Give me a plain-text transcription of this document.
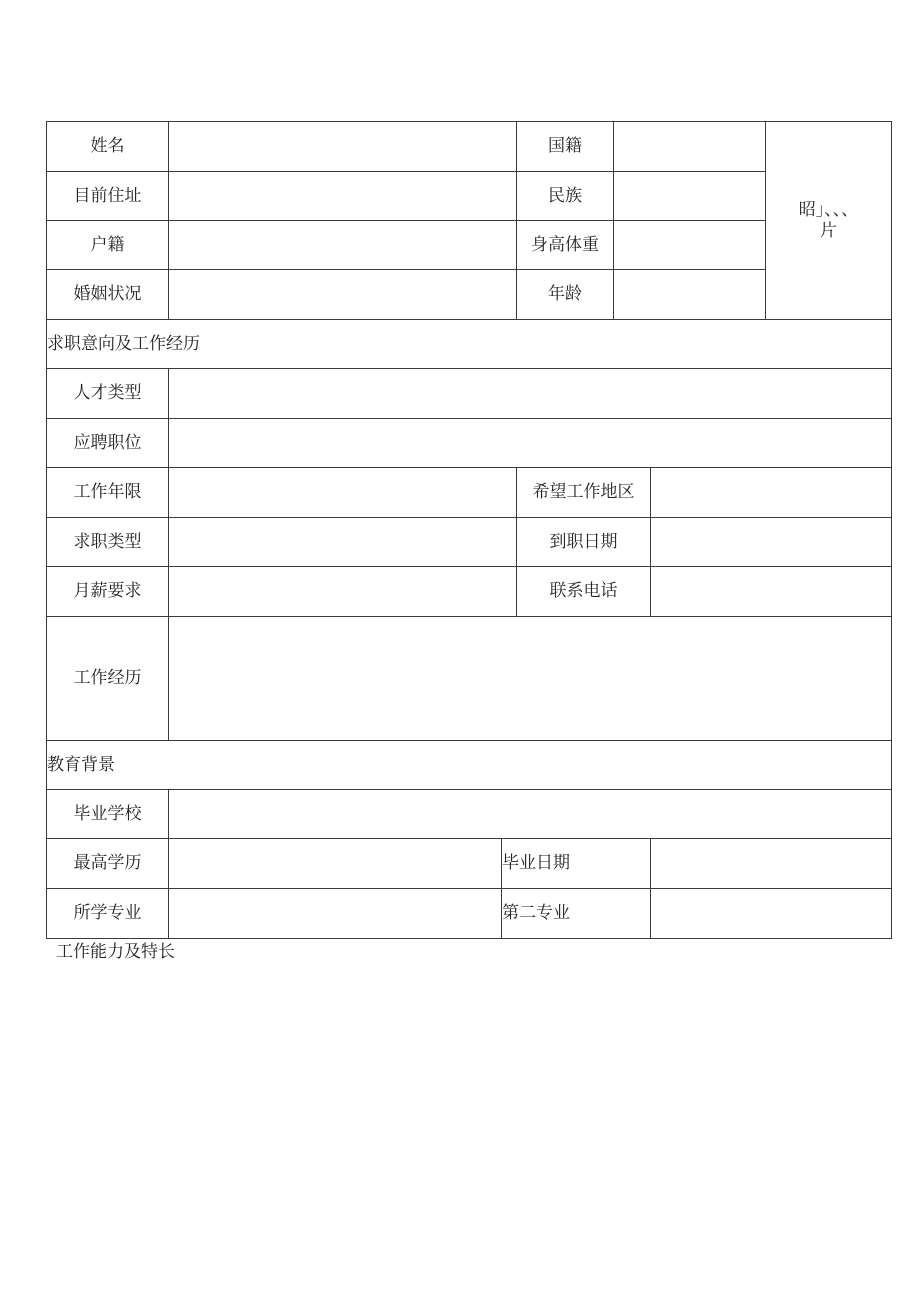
姓名			国籍			昭」、、、
片

目前住址			民族			
户籍			身高体重			
婚姻状况			年龄			
求职意向及工作经历						
人才类型						
应聘职位						
工作年限			希望工作地区			
求职类型			到职日期			
月薪要求			联系电话			
工作经历						
教育背景						
毕业学校						
最高学历		毕业日期				
所学专业		第二专业				
工作能力及特长
